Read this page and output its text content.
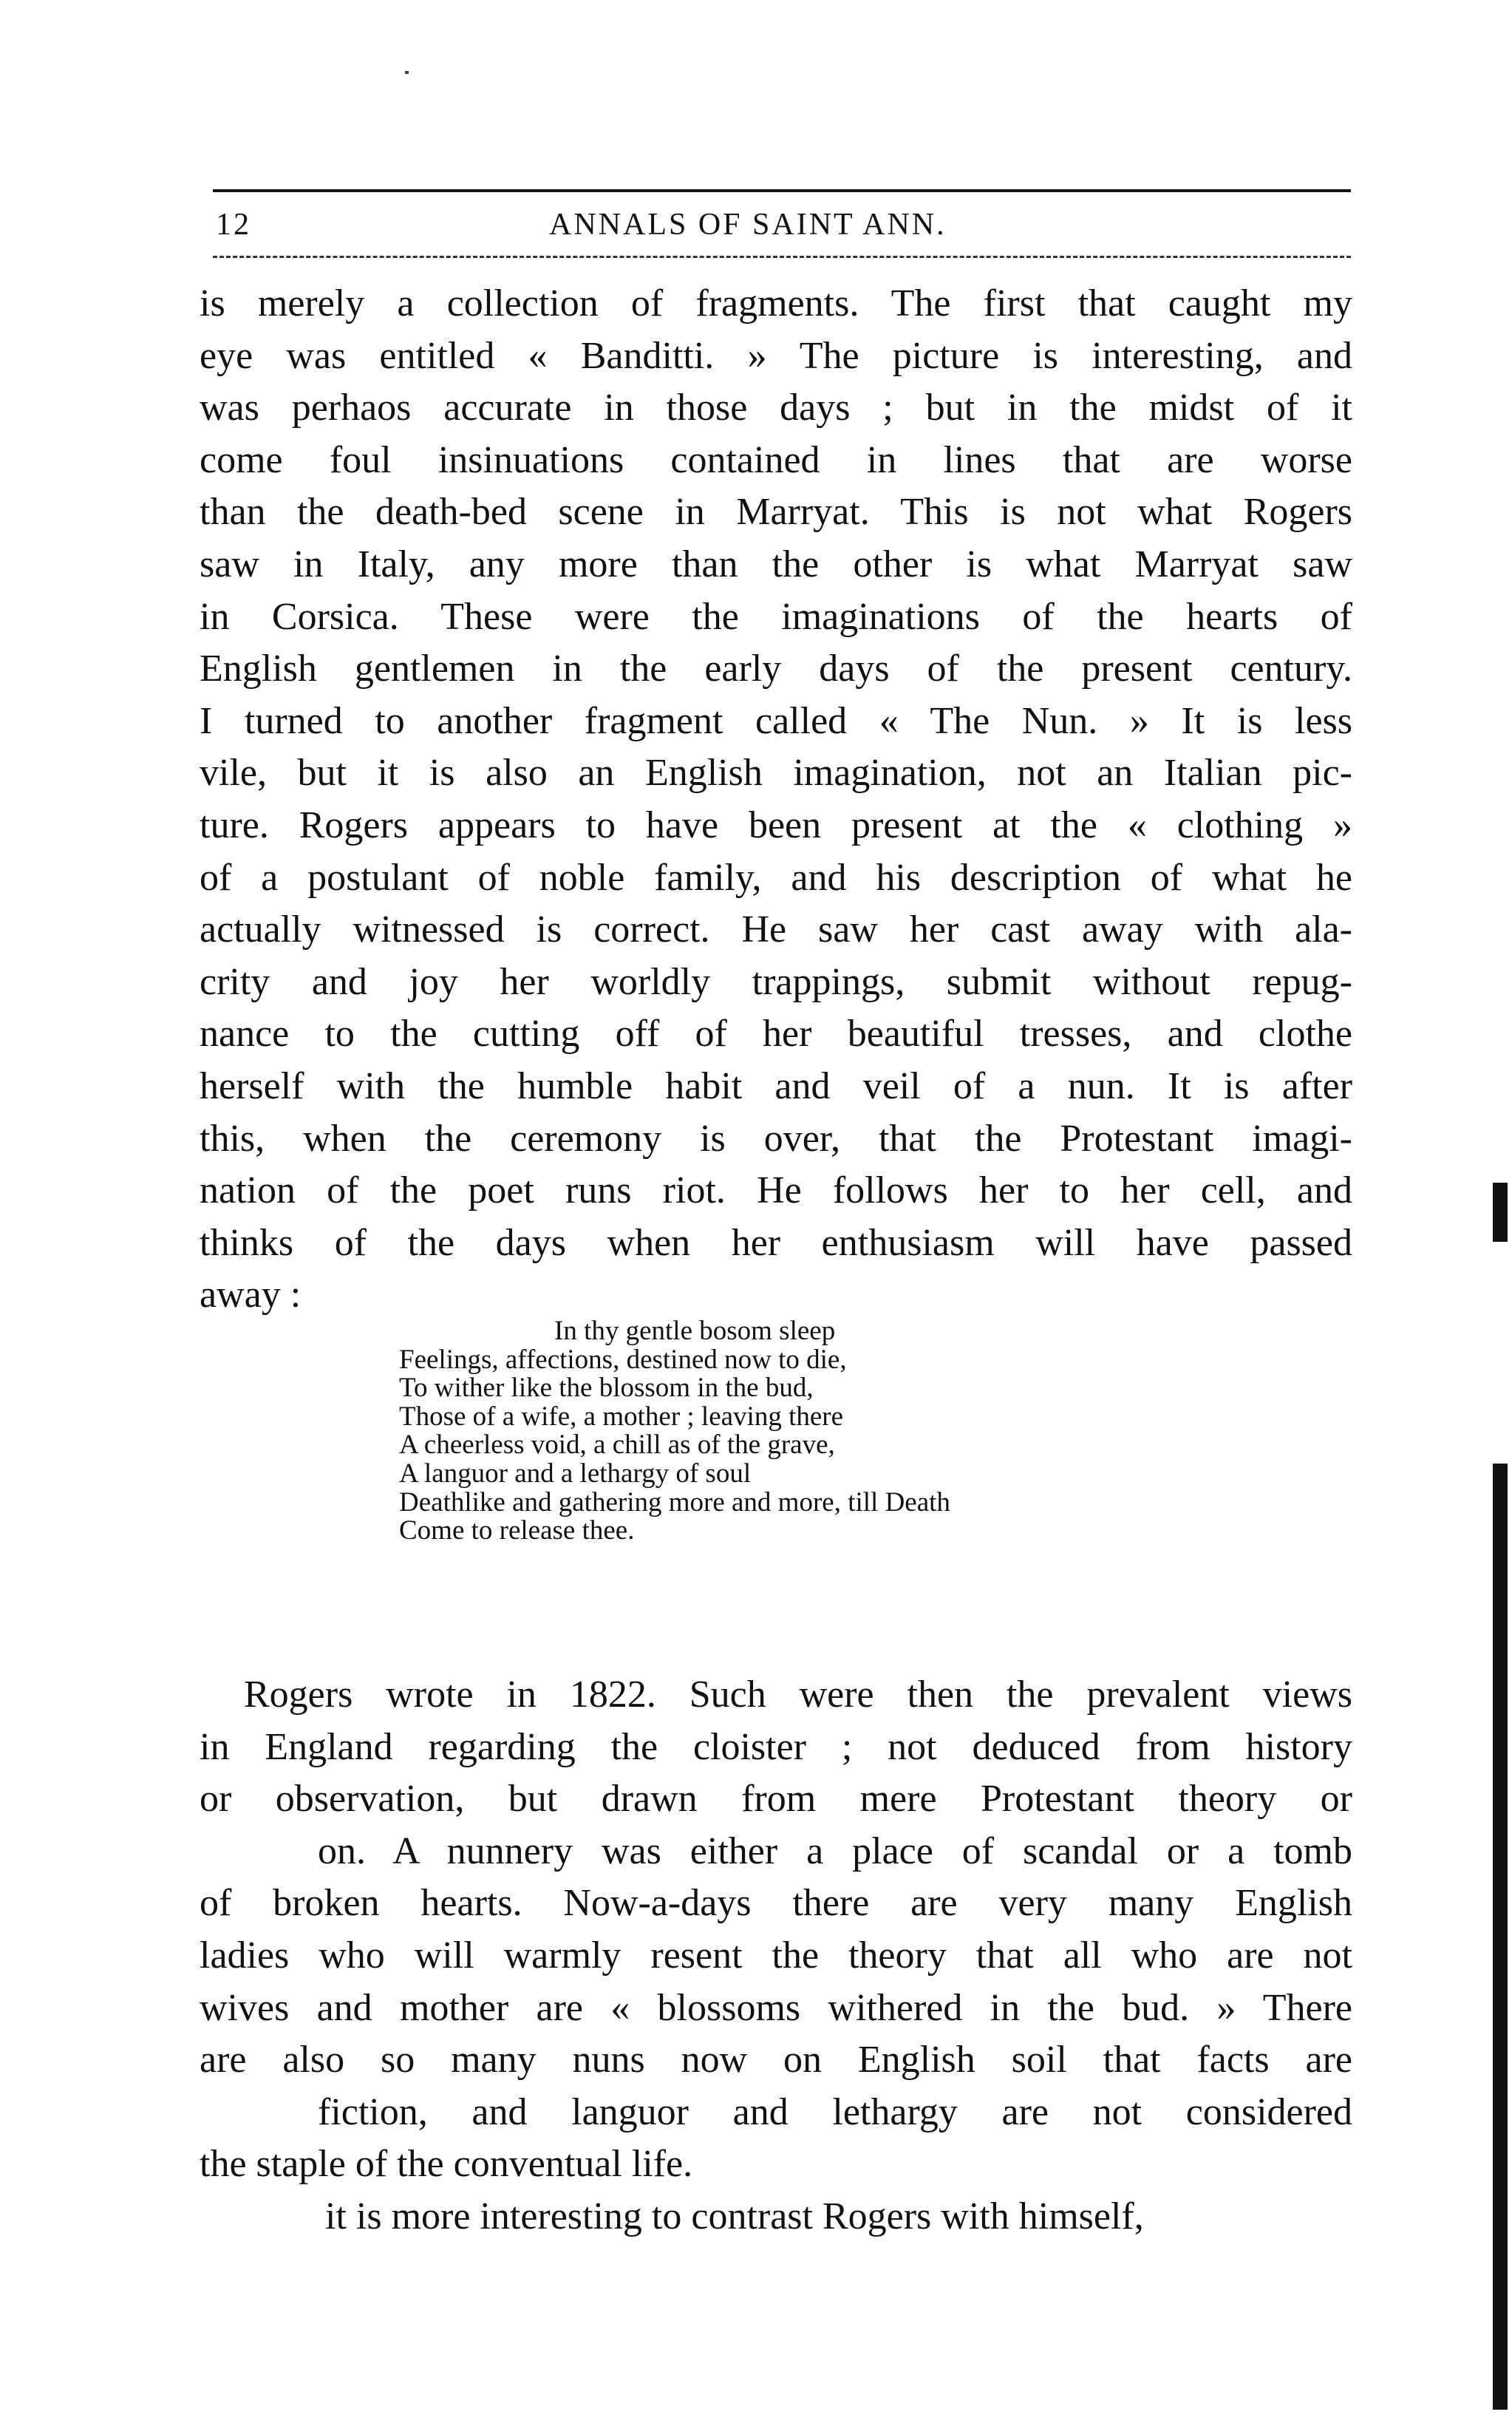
12	ANNALS OF SAINT ANN.
is merely a collection of fragments. The first that caught my
eye was entitled « Banditti. » The picture is interesting, and
was perhaos accurate in those days ; but in the midst of it
come foul insinuations contained in lines that are worse
than the death-bed scene in Marryat. This is not what Rogers
saw in Italy, any more than the other is what Marryat saw
in Corsica. These were the imaginations of the hearts of
English gentlemen in the early days of the present century.
I turned to another fragment called « The Nun. » It is less
vile, but it is also an English imagination, not an Italian pic-
ture. Rogers appears to have been present at the « clothing »
of a postulant of noble family, and his description of what he
actually witnessed is correct. He saw her cast away with ala-
crity and joy her worldly trappings, submit without repug-
nance to the cutting off of her beautiful tresses, and clothe
herself with the humble habit and veil of a nun. It is after
this, when the ceremony is over, that the Protestant imagi-
nation of the poet runs riot. He follows her to her cell, and
thinks of the days when her enthusiasm will have passed
away :
In thy gentle bosom sleep
Feelings, affections, destined now to die,
To wither like the blossom in the bud,
Those of a wife, a mother ; leaving there
A cheerless void, a chill as of the grave,
A languor and a lethargy of soul
Deathlike and gathering more and more, till Death
Come to release thee.
Rogers wrote in 1822. Such were then the prevalent views
in England regarding the cloister ; not deduced from history
or observation, but drawn from mere Protestant theory or
on. A nunnery was either a place of scandal or a tomb
of broken hearts. Now-a-days there are very many English
ladies who will warmly resent the theory that all who are not
wives and mother are « blossoms withered in the bud. » There
are also so many nuns now on English soil that facts are
fiction, and languor and lethargy are not considered
the staple of the conventual life.
it is more interesting to contrast Rogers with himself,
